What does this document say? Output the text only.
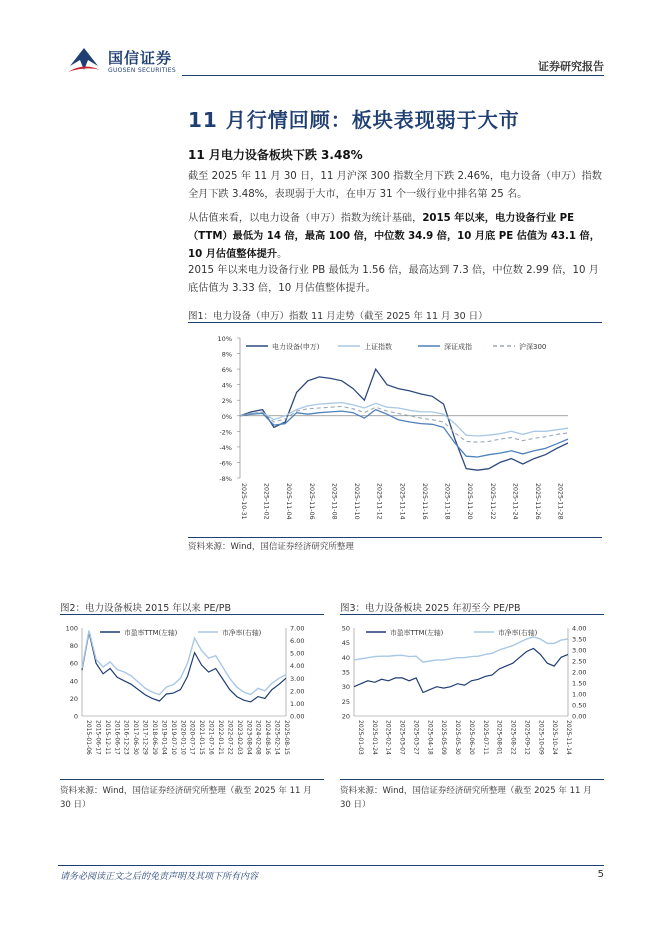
国信证券
GUOSEN SECURITIES	证券研究报告
11 月行情回顾：板块表现弱于大市
11 月电力设备板块下跌 3.48%
截至 2025 年 11 月 30 日，11 月沪深 300 指数全月下跌 2.46%，电力设备（申万）指数全月下跌 3.48%，表现弱于大市，在申万 31 个一级行业中排名第 25 名。
从估值来看，以电力设备（申万）指数为统计基础，2015 年以来，电力设备行业 PE（TTM）最低为 14 倍，最高 100 倍，中位数 34.9 倍，10 月底 PE 估值为 43.1 倍，10 月估值整体提升。
2015 年以来电力设备行业 PB 最低为 1.56 倍，最高达到 7.3 倍，中位数 2.99 倍，10 月底估值为 3.33 倍，10 月估值整体提升。
图1：电力设备（申万）指数 11 月走势（截至 2025 年 11 月 30 日）
10%
8%
6%
4%
2%
0%
-2%
-4%
-6%
-8%
2025-10-31 2025-11-02 2025-11-04 2025-11-06 2025-11-08 2025-11-10 2025-11-12 2025-11-14 2025-11-16 2025-11-18 2025-11-20 2025-11-22 2025-11-24 2025-11-26 2025-11-28
电力设备(申万)	上证指数	深证成指	沪深300
资料来源：Wind，国信证券经济研究所整理
图2：电力设备板块 2015 年以来 PE/PB
100
80
60
40
20
0
7.00
6.00
5.00
4.00
3.00
2.00
1.00
0.00
2015-01-06 2015-06-17 2015-12-11 2016-06-17 2016-12-23 2017-06-30 2017-12-29 2018-06-29 2019-01-04 2019-07-10 2020-01-10 2020-07-17 2021-01-15 2021-07-16 2022-01-21 2022-07-22 2023-02-03 2023-08-04 2024-02-08 2024-08-16 2025-02-14 2025-08-15
市盈率TTM(左轴)	市净率(右轴)
资料来源：Wind，国信证券经济研究所整理（截至 2025 年 11 月 30 日）
图3：电力设备板块 2025 年初至今 PE/PB
50
45
40
35
30
25
20
4.00
3.50
3.00
2.50
2.00
1.50
1.00
0.50
0.00
2025-01-03 2025-01-24 2025-02-14 2025-03-07 2025-03-27 2025-04-18 2025-05-09 2025-05-30 2025-06-20 2025-07-11 2025-08-01 2025-08-22 2025-09-12 2025-10-09 2025-10-24 2025-11-14
市盈率TTM(左轴)	市净率(右轴)
资料来源：Wind，国信证券经济研究所整理（截至 2025 年 11 月 30 日）
请务必阅读正文之后的免责声明及其项下所有内容	5
